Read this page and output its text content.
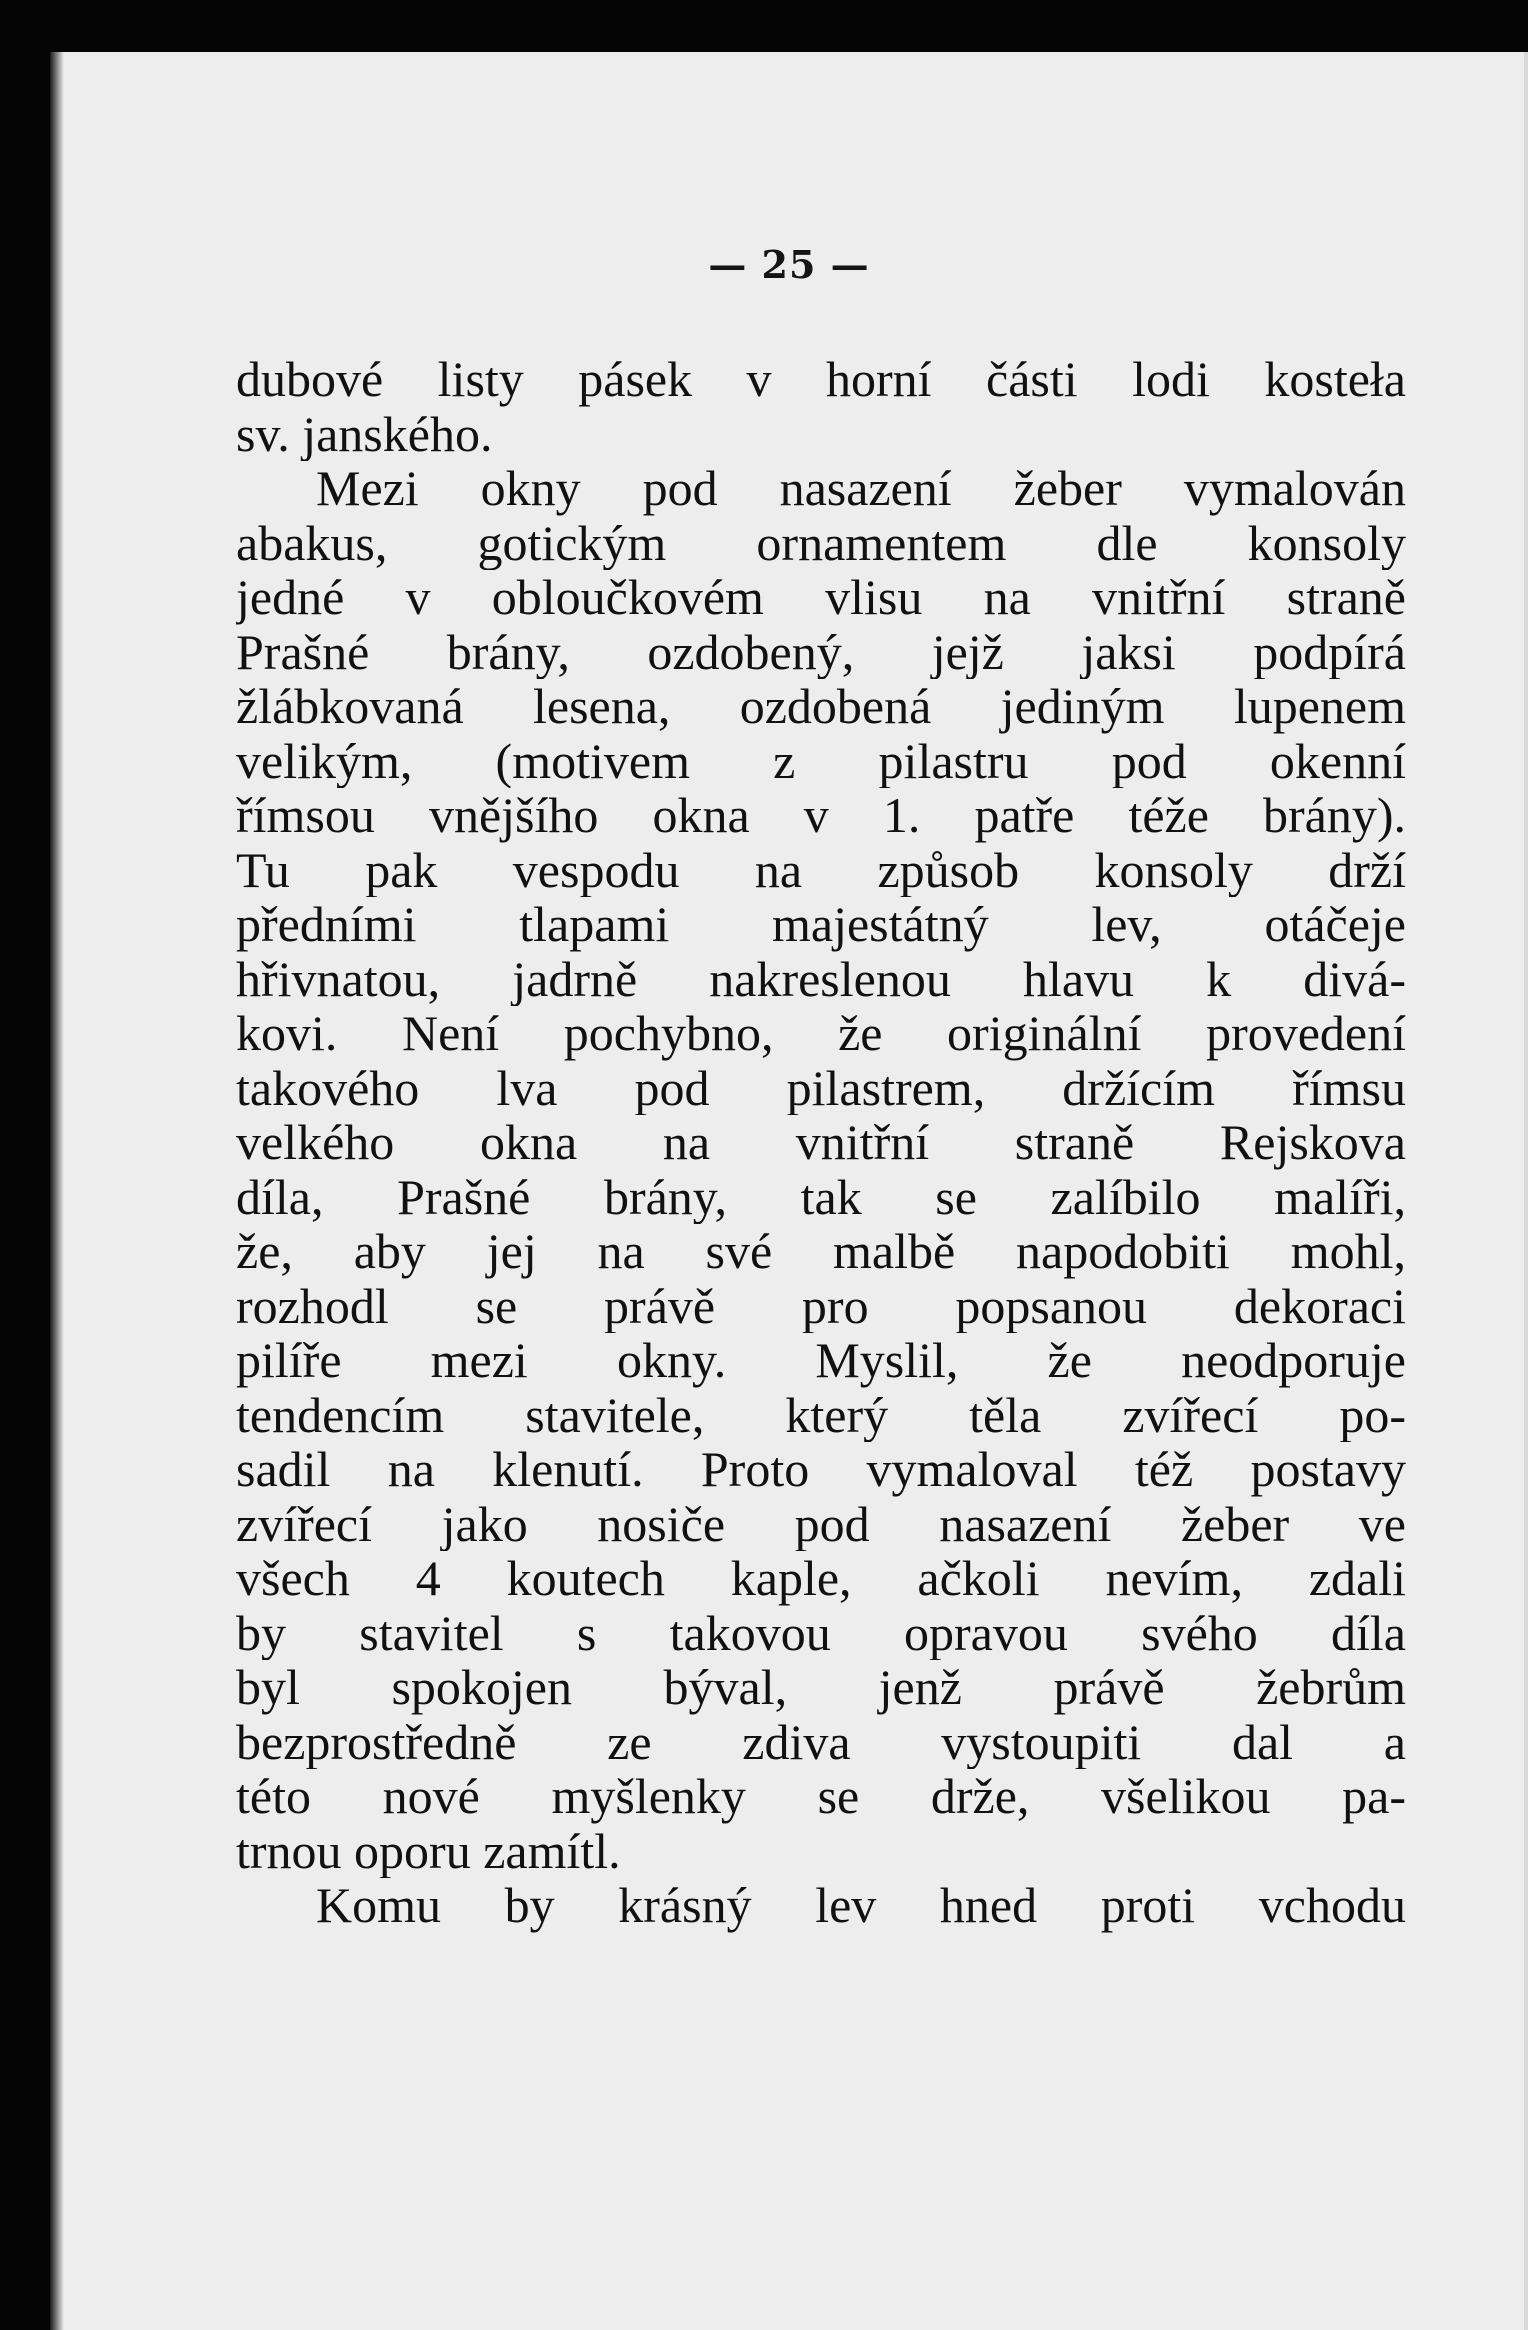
— 25 —
dubové listy pásek v horní části lodi kosteła
sv. janského.
Mezi okny pod nasazení žeber vymalován
abakus, gotickým ornamentem dle konsoly
jedné v obloučkovém vlisu na vnitřní straně
Prašné brány, ozdobený, jejž jaksi podpírá
žlábkovaná lesena, ozdobená jediným lupenem
velikým, (motivem z pilastru pod okenní
římsou vnějšího okna v 1. patře téže brány).
Tu pak vespodu na způsob konsoly drží
předními tlapami majestátný lev, otáčeje
hřivnatou, jadrně nakreslenou hlavu k divá-
kovi. Není pochybno, že originální provedení
takového lva pod pilastrem, držícím římsu
velkého okna na vnitřní straně Rejskova
díla, Prašné brány, tak se zalíbilo malíři,
že, aby jej na své malbě napodobiti mohl,
rozhodl se právě pro popsanou dekoraci
pilíře mezi okny. Myslil, že neodporuje
tendencím stavitele, který těla zvířecí po-
sadil na klenutí. Proto vymaloval též postavy
zvířecí jako nosiče pod nasazení žeber ve
všech 4 koutech kaple, ačkoli nevím, zdali
by stavitel s takovou opravou svého díla
byl spokojen býval, jenž právě žebrům
bezprostředně ze zdiva vystoupiti dal a
této nové myšlenky se drže, všelikou pa-
trnou oporu zamítl.
Komu by krásný lev hned proti vchodu
